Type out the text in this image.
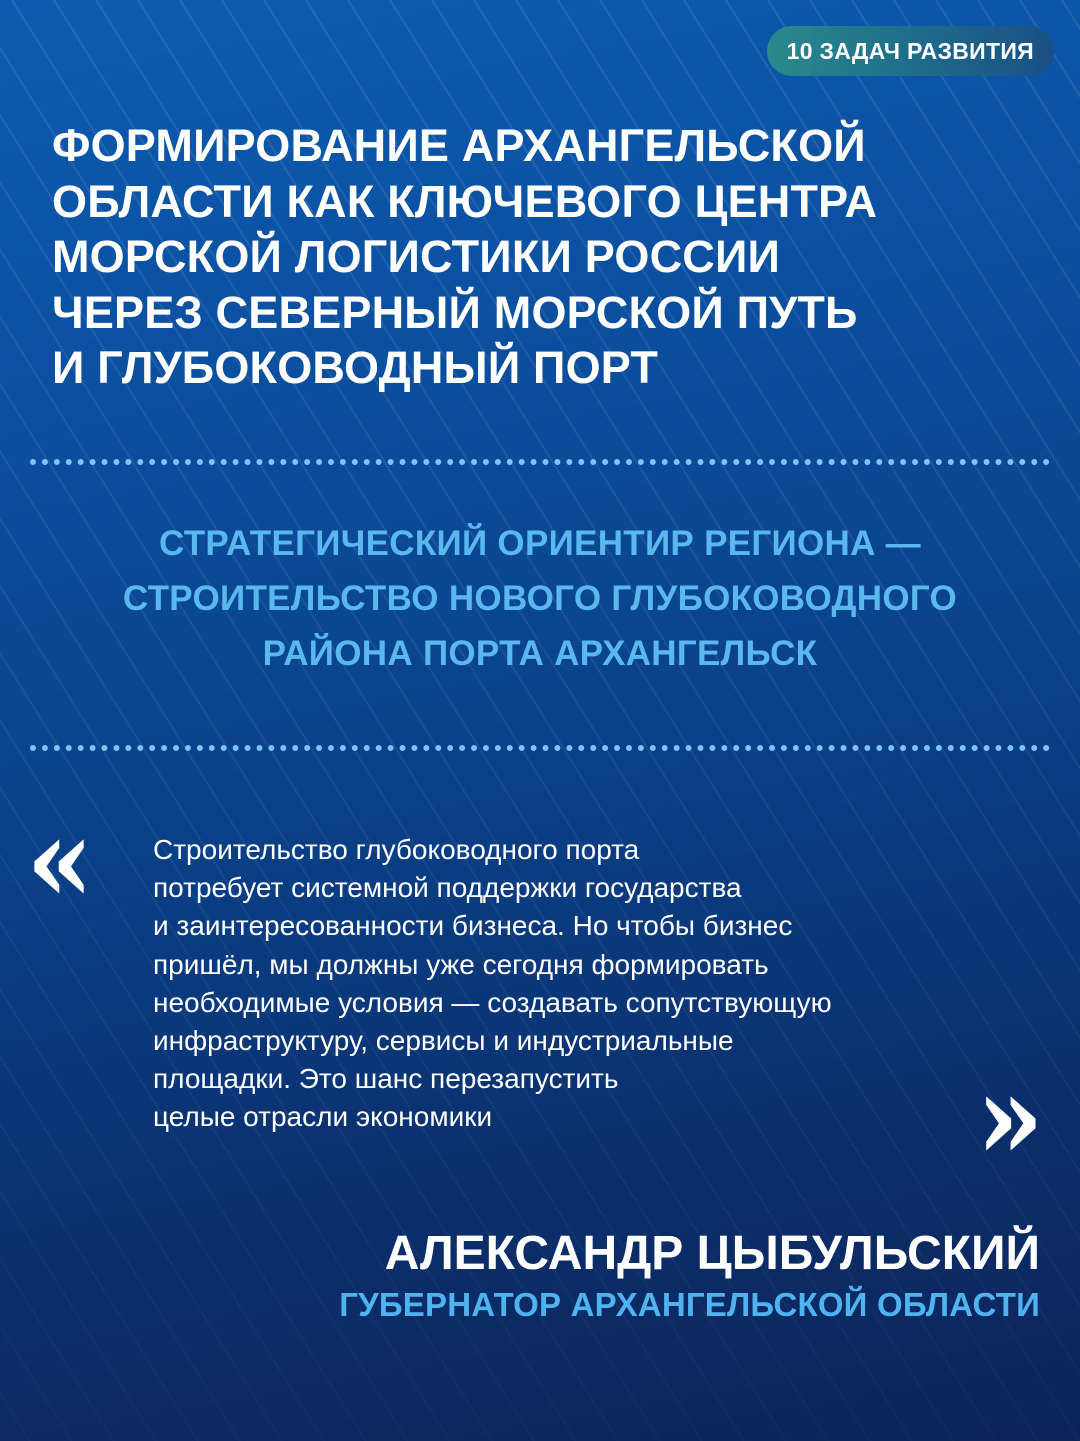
10 ЗАДАЧ РАЗВИТИЯ
ФОРМИРОВАНИЕ АРХАНГЕЛЬСКОЙ
ОБЛАСТИ КАК КЛЮЧЕВОГО ЦЕНТРА
МОРСКОЙ ЛОГИСТИКИ РОССИИ
ЧЕРЕЗ СЕВЕРНЫЙ МОРСКОЙ ПУТЬ
И ГЛУБОКОВОДНЫЙ ПОРТ
СТРАТЕГИЧЕСКИЙ ОРИЕНТИР РЕГИОНА —
СТРОИТЕЛЬСТВО НОВОГО ГЛУБОКОВОДНОГО
РАЙОНА ПОРТА АРХАНГЕЛЬСК
« Строительство глубоководного порта
потребует системной поддержки государства
и заинтересованности бизнеса. Но чтобы бизнес
пришёл, мы должны уже сегодня формировать
необходимые условия — создавать сопутствующую
инфраструктуру, сервисы и индустриальные
площадки. Это шанс перезапустить
целые отрасли экономики	»
АЛЕКСАНДР ЦЫБУЛЬСКИЙ
ГУБЕРНАТОР АРХАНГЕЛЬСКОЙ ОБЛАСТИ
